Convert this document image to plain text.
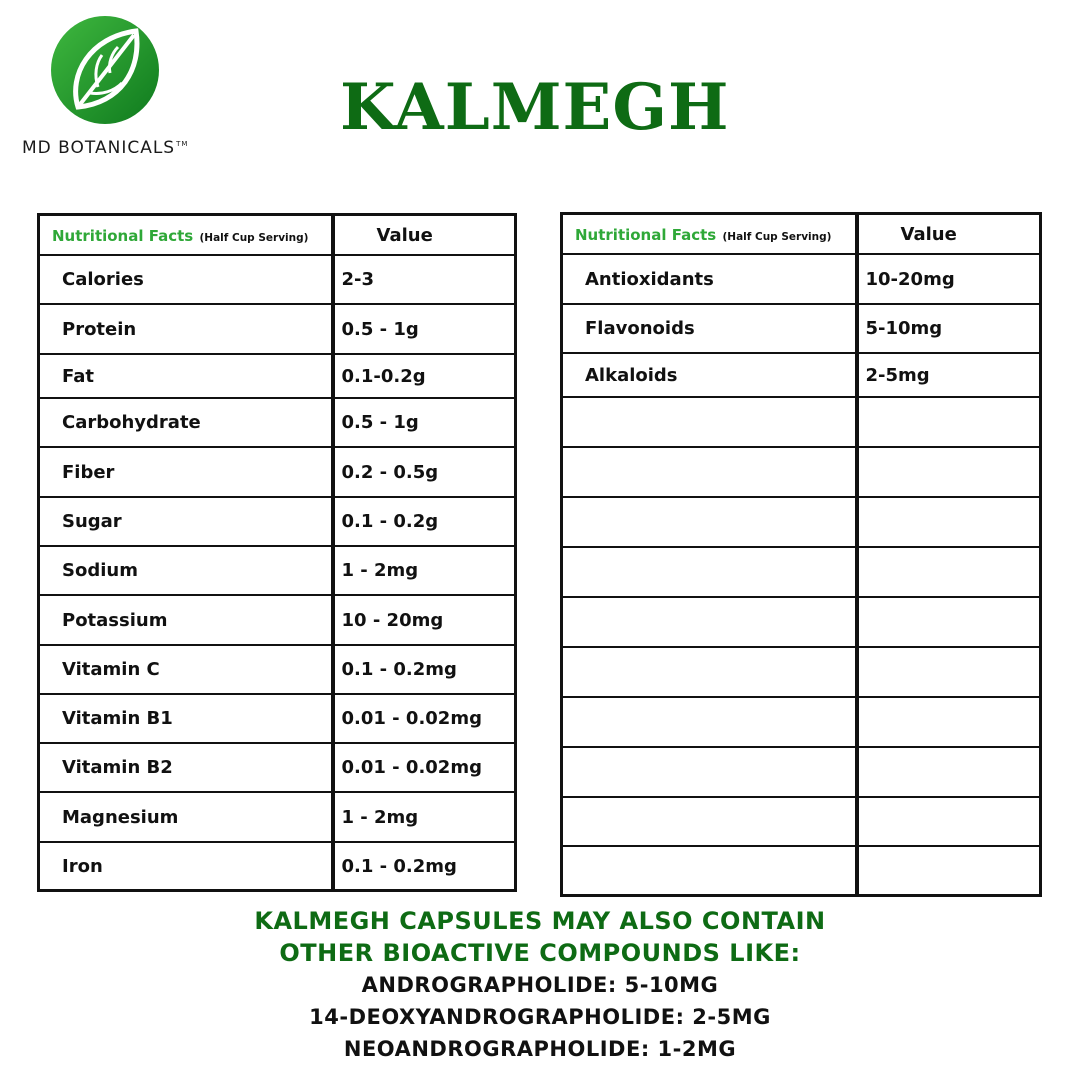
MD BOTANICALS™ KALMEGH
Nutritional Facts (Half Cup Serving)	Value
Calories	2-3
Protein	0.5 - 1g
Fat	0.1-0.2g
Carbohydrate	0.5 - 1g
Fiber	0.2 - 0.5g
Sugar	0.1 - 0.2g
Sodium	1 - 2mg
Potassium	10 - 20mg
Vitamin C	0.1 - 0.2mg
Vitamin B1	0.01 - 0.02mg
Vitamin B2	0.01 - 0.02mg
Magnesium	1 - 2mg
Iron	0.1 - 0.2mg
Nutritional Facts (Half Cup Serving)	Value
Antioxidants	10-20mg
Flavonoids	5-10mg
Alkaloids	2-5mg

KALMEGH CAPSULES MAY ALSO CONTAIN
OTHER BIOACTIVE COMPOUNDS LIKE:
ANDROGRAPHOLIDE: 5-10MG
14-DEOXYANDROGRAPHOLIDE: 2-5MG
NEOANDROGRAPHOLIDE: 1-2MG
